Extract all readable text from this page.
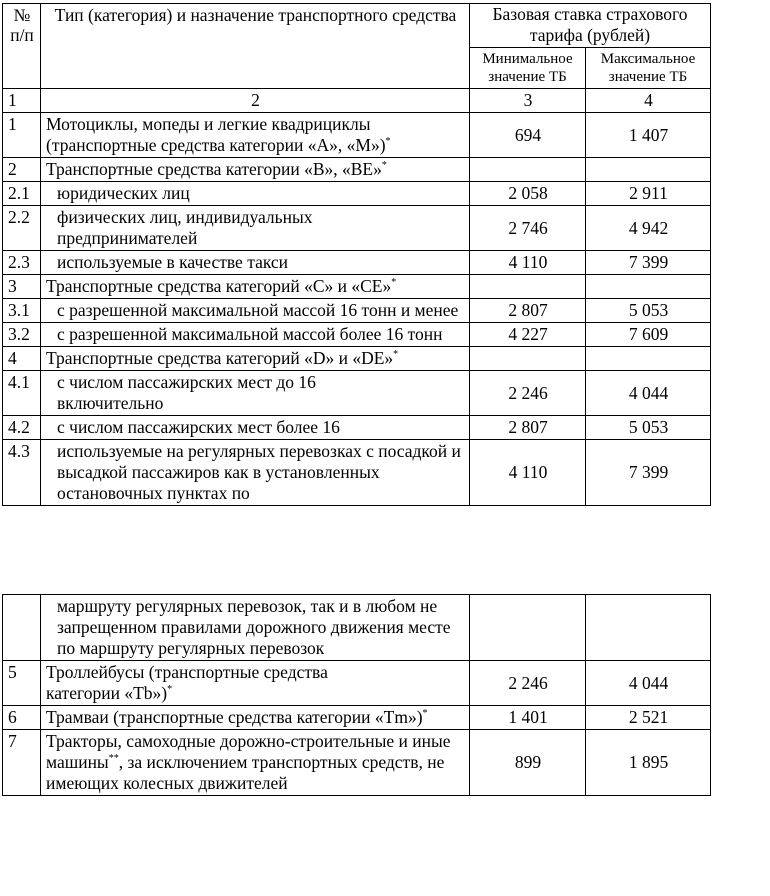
№ п/п	Тип (категория) и назначение транспортного средства	Базовая ставка страхового тарифа (рублей)	
		Минимальное значение ТБ	Максимальное значение ТБ
1	2	3	4
1	Мотоциклы, мопеды и легкие квадрициклы (транспортные средства категории «А», «М»)*	694	1 407
2	Транспортные средства категории «В», «ВЕ»*		
2.1	юридических лиц	2 058	2 911
2.2	физических лиц, индивидуальных предпринимателей	2 746	4 942
2.3	используемые в качестве такси	4 110	7 399
3	Транспортные средства категорий «С» и «СЕ»*		
3.1	с разрешенной максимальной массой 16 тонн и менее	2 807	5 053
3.2	с разрешенной максимальной массой более 16 тонн	4 227	7 609
4	Транспортные средства категорий «D» и «DЕ»*		
4.1	с числом пассажирских мест до 16 включительно	2 246	4 044
4.2	с числом пассажирских мест более 16	2 807	5 053
4.3	используемые на регулярных перевозках с посадкой и высадкой пассажиров как в установленных остановочных пунктах по	4 110	7 399
	маршруту регулярных перевозок, так и в любом не запрещенном правилами дорожного движения месте по маршруту регулярных перевозок		
5	Троллейбусы (транспортные средства категории «Tb»)*	2 246	4 044
6	Трамваи (транспортные средства категории «Tm»)*	1 401	2 521
7	Тракторы, самоходные дорожно-строительные и иные машины**, за исключением транспортных средств, не имеющих колесных движителей	899	1 895
